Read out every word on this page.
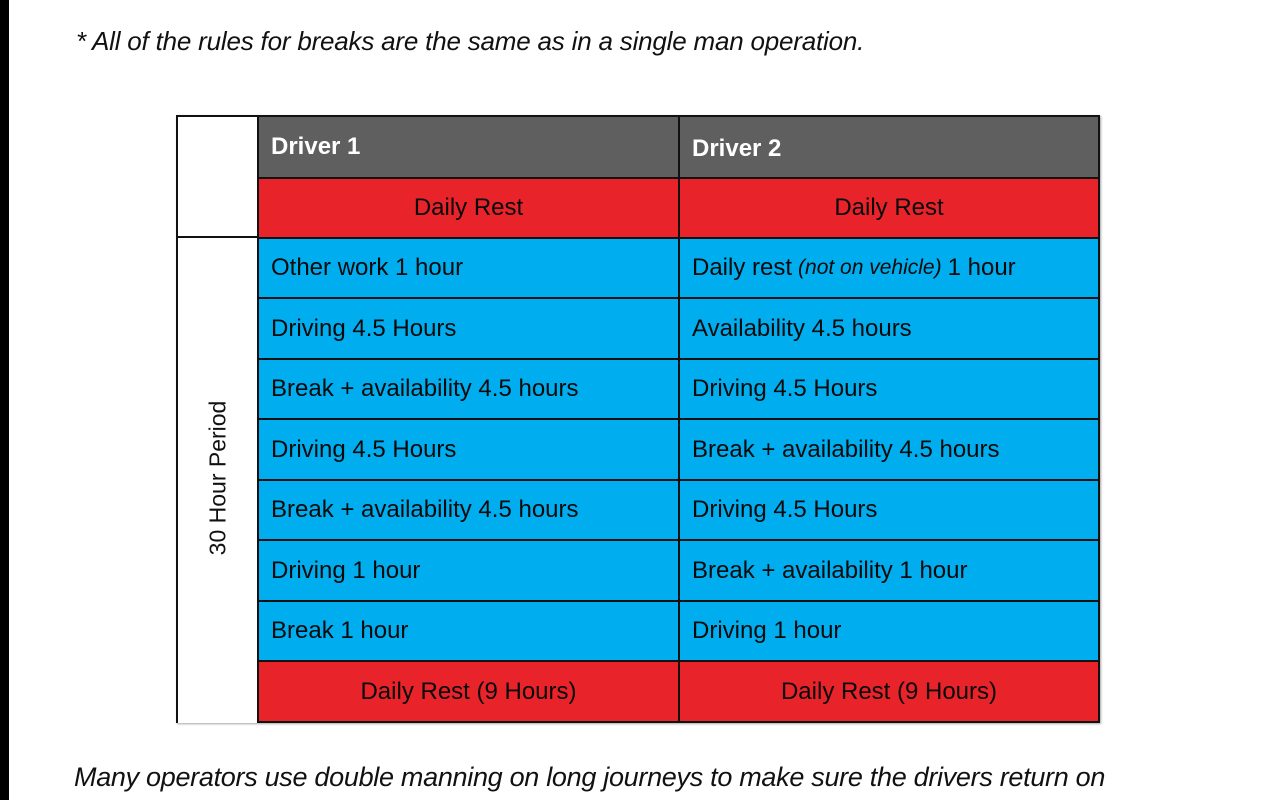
* All of the rules for breaks are the same as in a single man operation.
30 Hour Period
Driver 1	Driver 2
Daily Rest	Daily Rest
Other work 1 hour	Daily rest (not on vehicle) 1 hour
Driving 4.5 Hours	Availability 4.5 hours
Break + availability 4.5 hours	Driving 4.5 Hours
Driving 4.5 Hours	Break + availability 4.5 hours
Break + availability 4.5 hours	Driving 4.5 Hours
Driving 1 hour	Break + availability 1 hour
Break 1 hour	Driving 1 hour
Daily Rest (9 Hours)	Daily Rest (9 Hours)
Many operators use double manning on long journeys to make sure the drivers return on
